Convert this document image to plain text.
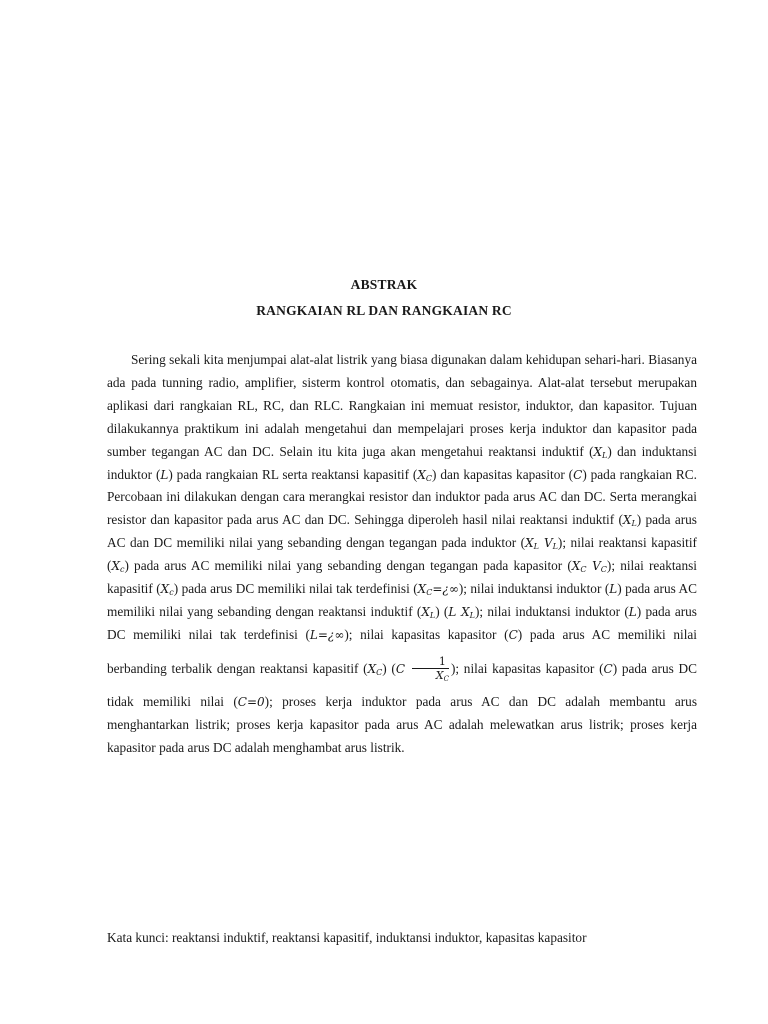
ABSTRAK
RANGKAIAN RL DAN RANGKAIAN RC

Sering sekali kita menjumpai alat-alat listrik yang biasa digunakan dalam kehidupan sehari-hari. Biasanya ada pada tunning radio, amplifier, sisterm kontrol otomatis, dan sebagainya. Alat-alat tersebut merupakan aplikasi dari rangkaian RL, RC, dan RLC. Rangkaian ini memuat resistor, induktor, dan kapasitor. Tujuan dilakukannya praktikum ini adalah mengetahui dan mempelajari proses kerja induktor dan kapasitor pada sumber tegangan AC dan DC. Selain itu kita juga akan mengetahui reaktansi induktif $(X_L)$ dan induktansi induktor (L) pada rangkaian RL serta reaktansi kapasitif $(X_C)$ dan kapasitas kapasitor (C) pada rangkaian RC. Percobaan ini dilakukan dengan cara merangkai resistor dan induktor pada arus AC dan DC. Serta merangkai resistor dan kapasitor pada arus AC dan DC. Sehingga diperoleh hasil nilai reaktansi induktif $(X_L)$ pada arus AC dan DC memiliki nilai yang sebanding dengan tegangan pada induktor ($X_L$ $V_L$); nilai reaktansi kapasitif $(X_c)$ pada arus AC memiliki nilai yang sebanding dengan tegangan pada kapasitor ($X_C$ $V_C$); nilai reaktansi kapasitif $(X_c)$ pada arus DC memiliki nilai tak terdefinisi $(X_C=¿\infty)$; nilai induktansi induktor (L) pada arus AC memiliki nilai yang sebanding dengan reaktansi induktif $(X_L)$ (L $X_L$); nilai induktansi induktor (L) pada arus DC memiliki nilai tak terdefinisi (L=¿∞); nilai kapasitas kapasitor (C) pada arus AC memiliki nilai berbanding terbalik dengan reaktansi kapasitif $(X_C)$ ($C \frac{1}{X_C}$ ); nilai kapasitas kapasitor (C) pada arus DC tidak memiliki nilai (C=0); proses kerja induktor pada arus AC dan DC adalah membantu arus menghantarkan listrik; proses kerja kapasitor pada arus AC adalah melewatkan arus listrik; proses kerja kapasitor pada arus DC adalah menghambat arus listrik.

Kata kunci: reaktansi induktif, reaktansi kapasitif, induktansi induktor, kapasitas kapasitor
